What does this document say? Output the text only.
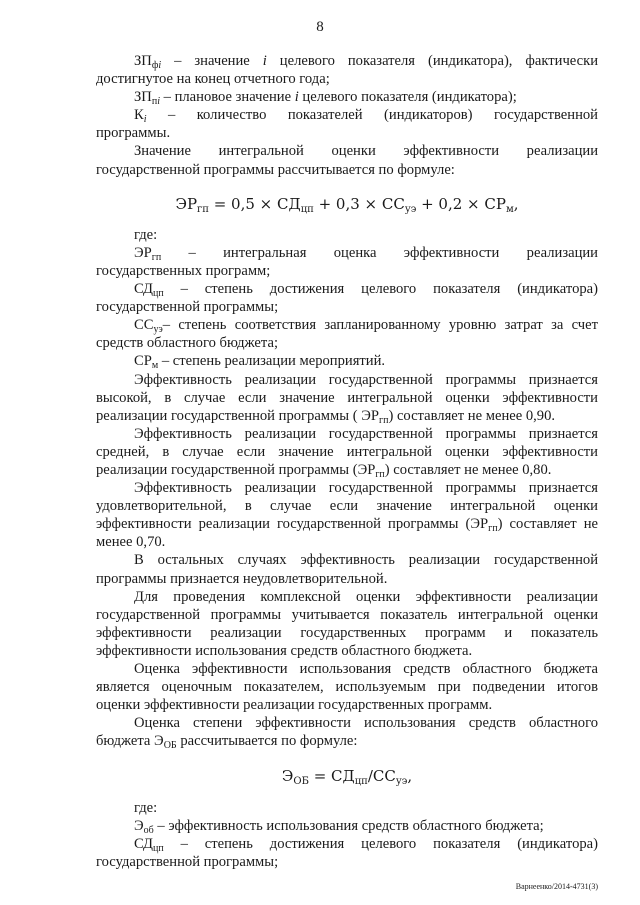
8

$ЗП_{фi}$ – значение i целевого показателя (индикатора), фактически

достигнутое на конец отчетного года;

$ЗП_{пi}$ – плановое значение i целевого показателя (индикатора);

$К_i$ – количество показателей (индикаторов) государственной

программы.

Значение интегральной оценки эффективности реализации

государственной программы рассчитывается по формуле:

$ЭР_{гп} = 0,5 \times СД_{цп} + 0,3 \times СС_{уэ} + 0,2 \times СР_м$,

где:

$ЭР_{гп}$ – интегральная оценка эффективности реализации

государственных программ;

$СД_{цп}$ – степень достижения целевого показателя (индикатора)

государственной программы;

$СС_{уэ}-$ степень соответствия запланированному уровню затрат за счет

средств областного бюджета;

$СР_м$ – степень реализации мероприятий.

Эффективность реализации государственной программы признается

высокой, в случае если значение интегральной оценки эффективности

реализации государственной программы ( $ЭР_{гп}$) составляет не менее 0,90.

Эффективность реализации государственной программы признается

средней, в случае если значение интегральной оценки эффективности

реализации государственной программы $(ЭР_{гп})$ составляет не менее 0,80.

Эффективность реализации государственной программы признается

удовлетворительной, в случае если значение интегральной оценки

эффективности реализации государственной программы $(ЭР_{гп})$ составляет не

менее 0,70.

В остальных случаях эффективность реализации государственной

программы признается неудовлетворительной.

Для проведения комплексной оценки эффективности реализации

государственной программы учитывается показатель интегральной оценки

эффективности реализации государственных программ и показатель

эффективности использования средств областного бюджета.

Оценка эффективности использования средств областного бюджета

является оценочным показателем, используемым при подведении итогов

оценки эффективности реализации государственных программ.

Оценка степени эффективности использования средств областного

бюджета $Э_{ОБ}$ рассчитывается по формуле:

$Э_{ОБ} = СД_{цп}/СС_{уэ}$,

где:

$Э_{об}$ – эффективность использования средств областного бюджета;

$СД_{цп}$ – степень достижения целевого показателя (индикатора)

государственной программы;

Варнеенко/2014-4731(3)
